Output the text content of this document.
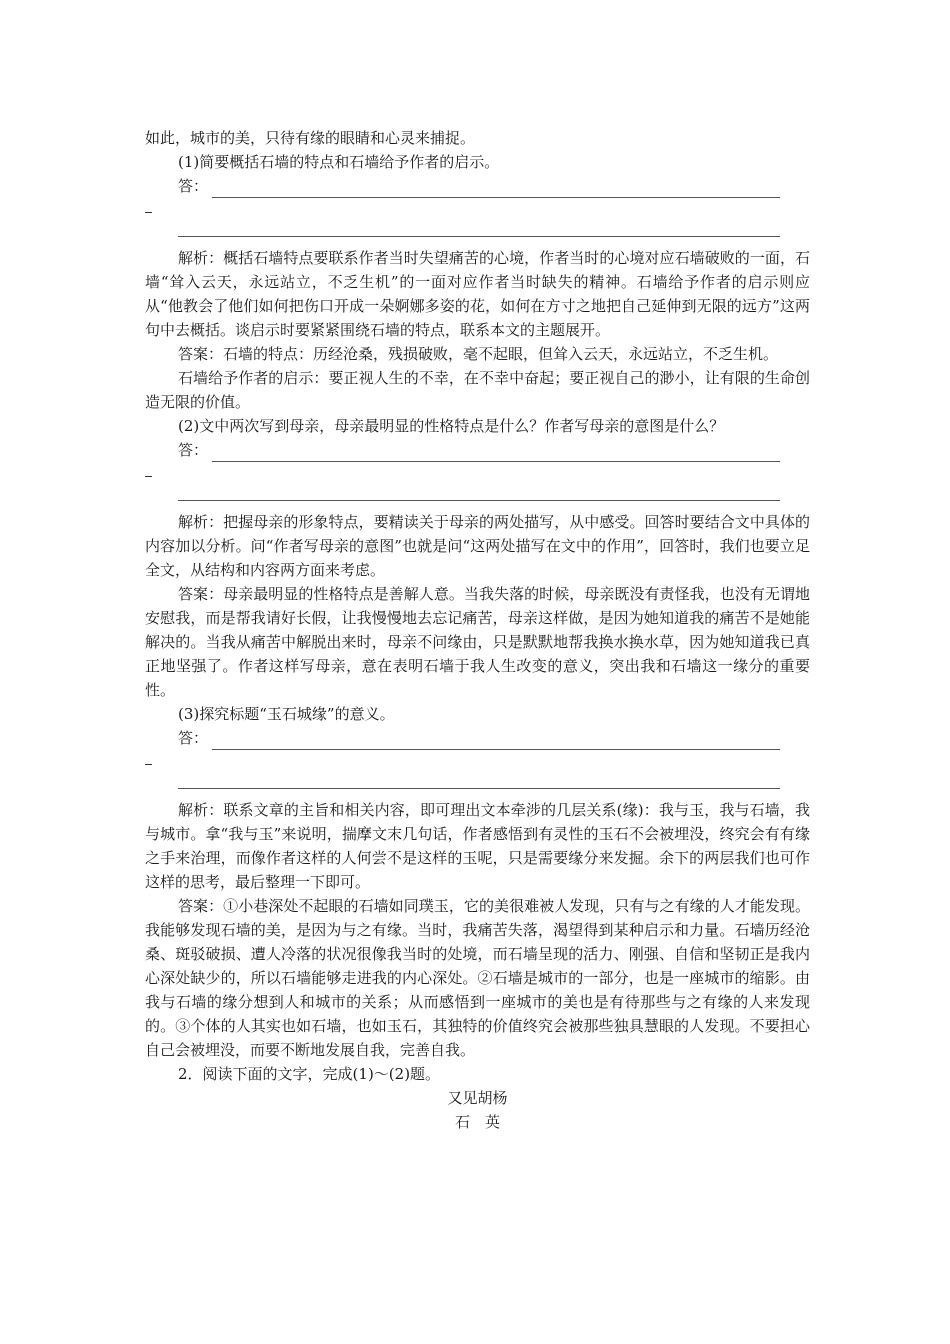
如此，城市的美，只待有缘的眼睛和心灵来捕捉。

(1)简要概括石墙的特点和石墙给予作者的启示。

答：

解析：概括石墙特点要联系作者当时失望痛苦的心境，作者当时的心境对应石墙破败的一面，石墙“耸入云天，永远站立，不乏生机”的一面对应作者当时缺失的精神。石墙给予作者的启示则应从“他教会了他们如何把伤口开成一朵婀娜多姿的花，如何在方寸之地把自己延伸到无限的远方”这两句中去概括。谈启示时要紧紧围绕石墙的特点，联系本文的主题展开。

答案：石墙的特点：历经沧桑，残损破败，毫不起眼，但耸入云天，永远站立，不乏生机。

石墙给予作者的启示：要正视人生的不幸，在不幸中奋起；要正视自己的渺小，让有限的生命创造无限的价值。

(2)文中两次写到母亲，母亲最明显的性格特点是什么？作者写母亲的意图是什么？

答：

解析：把握母亲的形象特点，要精读关于母亲的两处描写，从中感受。回答时要结合文中具体的内容加以分析。问“作者写母亲的意图”也就是问“这两处描写在文中的作用”，回答时，我们也要立足全文，从结构和内容两方面来考虑。

答案：母亲最明显的性格特点是善解人意。当我失落的时候，母亲既没有责怪我，也没有无谓地安慰我，而是帮我请好长假，让我慢慢地去忘记痛苦，母亲这样做，是因为她知道我的痛苦不是她能解决的。当我从痛苦中解脱出来时，母亲不问缘由，只是默默地帮我换水换水草，因为她知道我已真正地坚强了。作者这样写母亲，意在表明石墙于我人生改变的意义，突出我和石墙这一缘分的重要性。

(3)探究标题“玉石城缘”的意义。

答：

解析：联系文章的主旨和相关内容，即可理出文本牵涉的几层关系(缘)：我与玉，我与石墙，我与城市。拿“我与玉”来说明，揣摩文末几句话，作者感悟到有灵性的玉石不会被埋没，终究会有有缘之手来治理，而像作者这样的人何尝不是这样的玉呢，只是需要缘分来发掘。余下的两层我们也可作这样的思考，最后整理一下即可。

答案：①小巷深处不起眼的石墙如同璞玉，它的美很难被人发现，只有与之有缘的人才能发现。我能够发现石墙的美，是因为与之有缘。当时，我痛苦失落，渴望得到某种启示和力量。石墙历经沧桑、斑驳破损、遭人冷落的状况很像我当时的处境，而石墙呈现的活力、刚强、自信和坚韧正是我内心深处缺少的，所以石墙能够走进我的内心深处。②石墙是城市的一部分，也是一座城市的缩影。由我与石墙的缘分想到人和城市的关系；从而感悟到一座城市的美也是有待那些与之有缘的人来发现的。③个体的人其实也如石墙，也如玉石，其独特的价值终究会被那些独具慧眼的人发现。不要担心自己会被埋没，而要不断地发展自我，完善自我。

2．阅读下面的文字，完成(1)～(2)题。

又见胡杨

石　英
